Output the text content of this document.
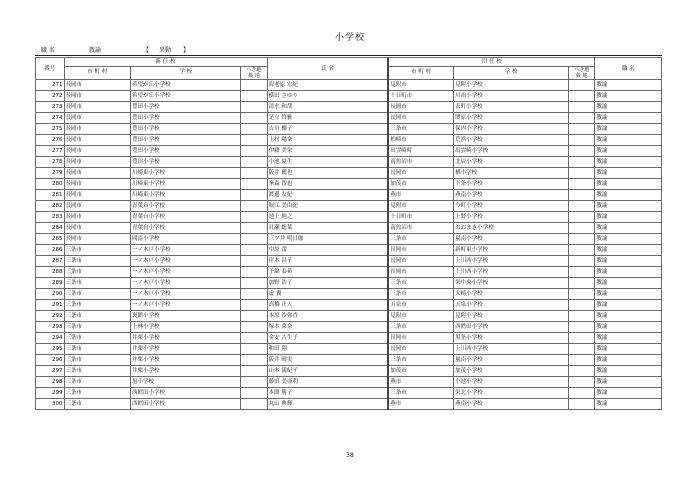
小学校
職 名	教諭	【 異動 】
番号	新 任 校			氏 名	旧 任 校			職 名
	市 町 村	学 校	へき地
級 地		市 町 村	学 校	へき地
級 地	

271	長岡市	希望が丘小学校		海老原 宏紀	見附市	見附小学校		教諭
272	長岡市	希望が丘小学校		横田 さゆり	十日町市	川治小学校		教諭
273	長岡市	豊田小学校		清水 和哉	長岡市	表町小学校		教諭
274	長岡市	豊田小学校		足立 啓雅	長岡市	関原小学校		教諭
275	長岡市	豊田小学校		吉川 椰子	三条市	保内小学校		教諭
276	長岡市	豊田小学校		上村 陽奈	柏崎市	荒浜小学校		教諭
277	長岡市	豊田小学校		伊藤 美栄	出雲崎町	出雲崎小学校		教諭
278	長岡市	豊田小学校		小池 夏生	南魚沼市	北辰小学校		教諭
279	長岡市	川崎東小学校		阪井 麗也	長岡市	栖小学校		教諭
280	長岡市	川崎東小学校		峯森 智也	加茂市	下条小学校		教諭
281	長岡市	川崎東小学校		渡邊 友紀	燕市	燕南小学校		教諭
282	長岡市	青葉台小学校		堀江 美由紀	見附市	今町小学校		教諭
283	長岡市	青葉台小学校		池上 純之	十日町市	上野小学校		教諭
284	長岡市	青葉台小学校		貝瀬 聡菜	南魚沼市	おおまき小学校		教諭
285	長岡市	岡南小学校		三ツ井 明日伽	三条市	嵐南小学校		教諭
286	三条市	一ノ木戸小学校		中原 蕾	長岡市	新町東小学校		教諭
287	三条市	一ノ木戸小学校		岸本 昌子	長岡市	上川西小学校		教諭
288	三条市	一ノ木戸小学校		千綿 泰希	長岡市	上川西小学校		教諭
289	三条市	一ノ木戸小学校		加野 浩子	三条市	栄中央小学校		教諭
290	三条市	一ノ木戸小学校		虚 翼	三条市	大崎小学校		教諭
291	三条市	一ノ木戸小学校		高橋 正人	五泉市	五泉小学校		教諭
292	三条市	裏館小学校		本原 沙弥香	見附市	見附小学校		教諭
293	三条市	上林小学校		塚本 菜奈	三条市	西鱈田小学校		教諭
294	三条市	井栗小学校		金安 吉生子	長岡市	黒条小学校		教諭
295	三条市	井栗小学校		和田 翔	長岡市	上川西小学校		教諭
296	三条市	井栗小学校		阪井 晴実	三条市	嵐南小学校		教諭
297	三条市	井栗小学校		山本 満紀子	加茂市	加茂小学校		教諭
298	三条市	旭小学校		藤田 美亜利	燕市	小池小学校		教諭
299	三条市	西鱈田小学校		本間 勝子	三条市	栄北小学校		教諭
300	三条市	西鱈田小学校		丸山 典輝	燕市	燕南小学校		教諭
38
